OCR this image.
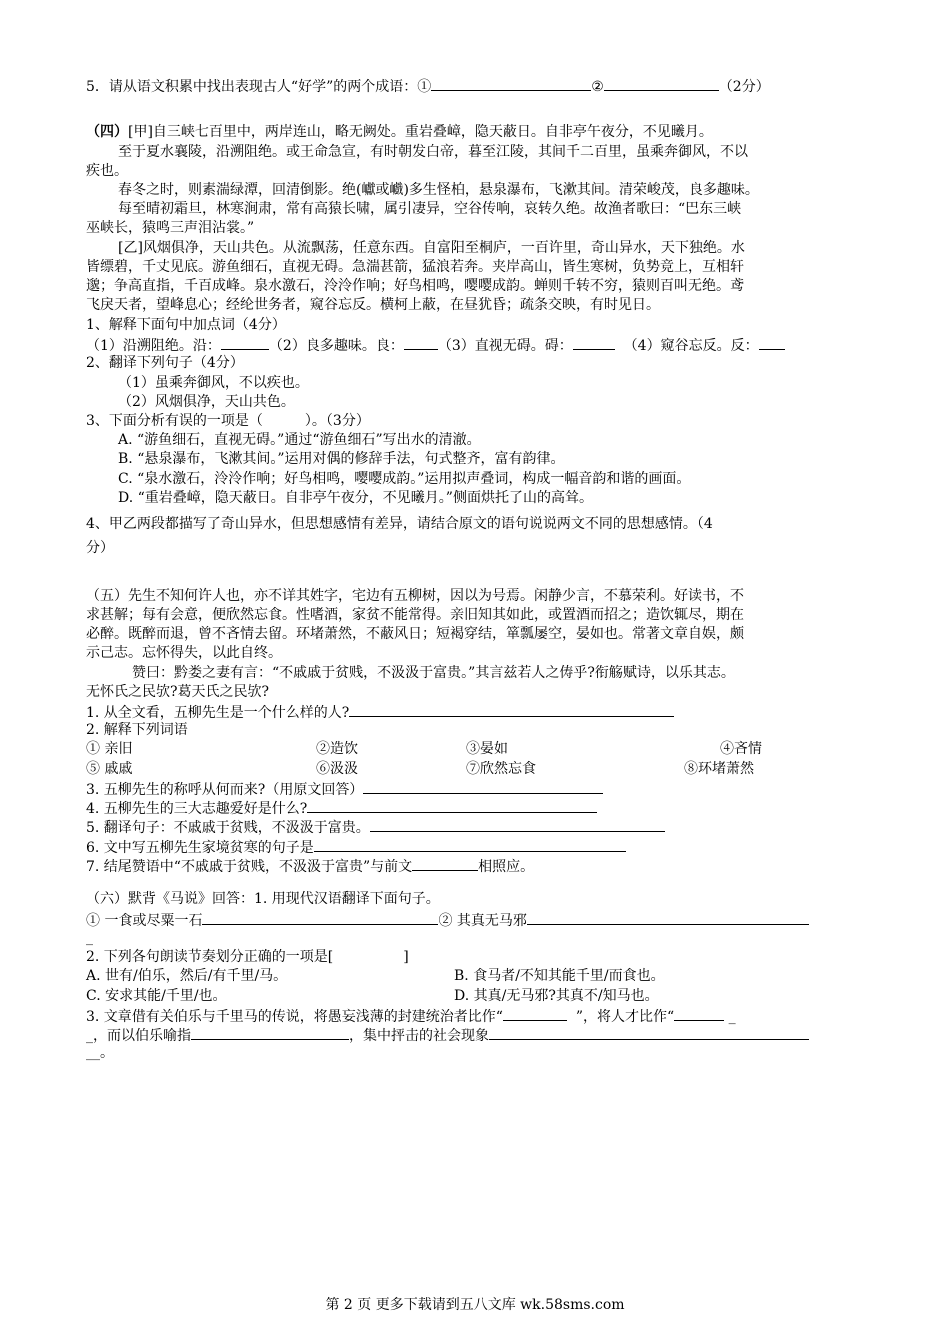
5．请从语文积累中找出表现古人“好学”的两个成语：①	②	（2分）
（四）[甲]自三峡七百里中，两岸连山，略无阙处。重岩叠嶂，隐天蔽日。自非亭午夜分，不见曦月。
至于夏水襄陵，沿溯阻绝。或王命急宣，有时朝发白帝，暮至江陵，其间千二百里，虽乘奔御风，不以
疾也。
春冬之时，则素湍绿潭，回清倒影。绝(巘或巇)多生怪柏，悬泉瀑布，飞漱其间。清荣峻茂，良多趣味。
每至晴初霜旦，林寒涧肃，常有高猿长啸，属引凄异，空谷传响，哀转久绝。故渔者歌曰：“巴东三峡
巫峡长，猿鸣三声泪沾裳。”
[乙]风烟俱净，天山共色。从流飘荡，任意东西。自富阳至桐庐，一百许里，奇山异水，天下独绝。水
皆缥碧，千丈见底。游鱼细石，直视无碍。急湍甚箭，猛浪若奔。夹岸高山，皆生寒树，负势竞上，互相轩
邈；争高直指，千百成峰。泉水激石，泠泠作响；好鸟相鸣，嘤嘤成韵。蝉则千转不穷，猿则百叫无绝。鸢
飞戾天者，望峰息心；经纶世务者，窥谷忘反。横柯上蔽，在昼犹昏；疏条交映，有时见日。
1、解释下面句中加点词（4分）
（1）沿溯阻绝。沿：	（2）良多趣味。良： （3）直视无碍。碍：	（4）窥谷忘反。反：
2、翻译下列句子（4分）
（1）虽乘奔御风，不以疾也。
（2）风烟俱净，天山共色。
3、下面分析有误的一项是（　　　）。（3分）
A. “游鱼细石，直视无碍。”通过“游鱼细石”写出水的清澈。
B. “悬泉瀑布，飞漱其间。”运用对偶的修辞手法，句式整齐，富有韵律。
C. “泉水激石，泠泠作响；好鸟相鸣，嘤嘤成韵。”运用拟声叠词，构成一幅音韵和谐的画面。
D. “重岩叠嶂，隐天蔽日。自非亭午夜分，不见曦月。”侧面烘托了山的高耸。
4、甲乙两段都描写了奇山异水，但思想感情有差异，请结合原文的语句说说两文不同的思想感情。（4
分）
（五）先生不知何许人也，亦不详其姓字，宅边有五柳树，因以为号焉。闲静少言，不慕荣利。好读书，不
求甚解；每有会意，便欣然忘食。性嗜酒，家贫不能常得。亲旧知其如此，或置酒而招之；造饮辄尽，期在
必醉。既醉而退，曾不吝情去留。环堵萧然，不蔽风日；短褐穿结，箪瓢屡空，晏如也。常著文章自娱，颇
示己志。忘怀得失，以此自终。
赞曰：黔娄之妻有言：“不戚戚于贫贱，不汲汲于富贵。”其言兹若人之俦乎?衔觞赋诗，以乐其志。
无怀氏之民欤?葛天氏之民欤?
1. 从全文看，五柳先生是一个什么样的人?
2. 解释下列词语
① 亲旧	②造饮	③晏如	④吝情
⑤ 戚戚	⑥汲汲	⑦欣然忘食	⑧环堵萧然
3. 五柳先生的称呼从何而来?（用原文回答）
4. 五柳先生的三大志趣爱好是什么?
5. 翻译句子：不戚戚于贫贱，不汲汲于富贵。
6. 文中写五柳先生家境贫寒的句子是
7. 结尾赞语中“不戚戚于贫贱，不汲汲于富贵”与前文	相照应。
（六）默背《马说》回答：1. 用现代汉语翻译下面句子。
① 一食或尽粟一石	② 其真无马邪
_
2. 下列各句朗读节奏划分正确的一项是[　　　　　]
A. 世有/伯乐，然后/有千里/马。	B. 食马者/不知其能千里/而食也。
C. 安求其能/千里/也。	D. 其真/无马邪?其真不/知马也。
3. 文章借有关伯乐与千里马的传说，将愚妄浅薄的封建统治者比作“	”，将人才比作“	_
_，而以伯乐喻指	，集中抨击的社会现象
__。
第 2 页 更多下载请到五八文库 wk.58sms.com
